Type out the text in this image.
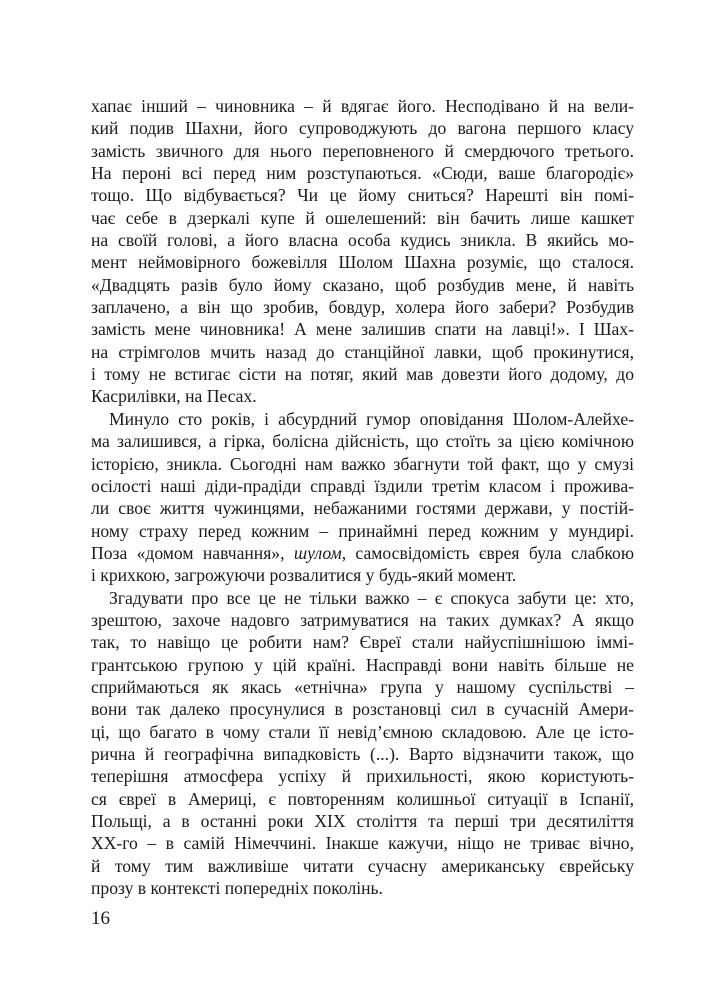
хапає інший – чиновника – й вдягає його. Несподівано й на вели-
кий подив Шахни, його супроводжують до вагона першого класу
замість звичного для нього переповненого й смердючого третього.
На пероні всі перед ним розступаються. «Сюди, ваше благородіє»
тощо. Що відбувається? Чи це йому сниться? Нарешті він помі-
чає себе в дзеркалі купе й ошелешений: він бачить лише кашкет
на своїй голові, а його власна особа кудись зникла. В якийсь мо-
мент неймовірного божевілля Шолом Шахна розуміє, що сталося.
«Двадцять разів було йому сказано, щоб розбудив мене, й навіть
заплачено, а він що зробив, бовдур, холера його забери? Розбудив
замість мене чиновника! А мене залишив спати на лавці!». І Шах-
на стрімголов мчить назад до станційної лавки, щоб прокинутися,
і тому не встигає сісти на потяг, який мав довезти його додому, до
Касрилівки, на Песах.
Минуло сто років, і абсурдний гумор оповідання Шолом-Алейхе-
ма залишився, а гірка, болісна дійсність, що стоїть за цією комічною
історією, зникла. Сьогодні нам важко збагнути той факт, що у смузі
осілості наші діди-прадіди справді їздили третім класом і прожива-
ли своє життя чужинцями, небажаними гостями держави, у постій-
ному страху перед кожним – принаймні перед кожним у мундирі.
Поза «домом навчання», шулом, самосвідомість єврея була слабкою
і крихкою, загрожуючи розвалитися у будь-який момент.
Згадувати про все це не тільки важко – є спокуса забути це: хто,
зрештою, захоче надовго затримуватися на таких думках? А якщо
так, то навіщо це робити нам? Євреї стали найуспішнішою іммі-
грантською групою у цій країні. Насправді вони навіть більше не
сприймаються як якась «етнічна» група у нашому суспільстві –
вони так далеко просунулися в розстановці сил в сучасній Амери-
ці, що багато в чому стали її невід’ємною складовою. Але це істо-
рична й географічна випадковість (...). Варто відзначити також, що
теперішня атмосфера успіху й прихильності, якою користують-
ся євреї в Америці, є повторенням колишньої ситуації в Іспанії,
Польщі, а в останні роки XIX століття та перші три десятиліття
XX-го – в самій Німеччині. Інакше кажучи, ніщо не триває вічно,
й тому тим важливіше читати сучасну американську єврейську
прозу в контексті попередніх поколінь.
16
